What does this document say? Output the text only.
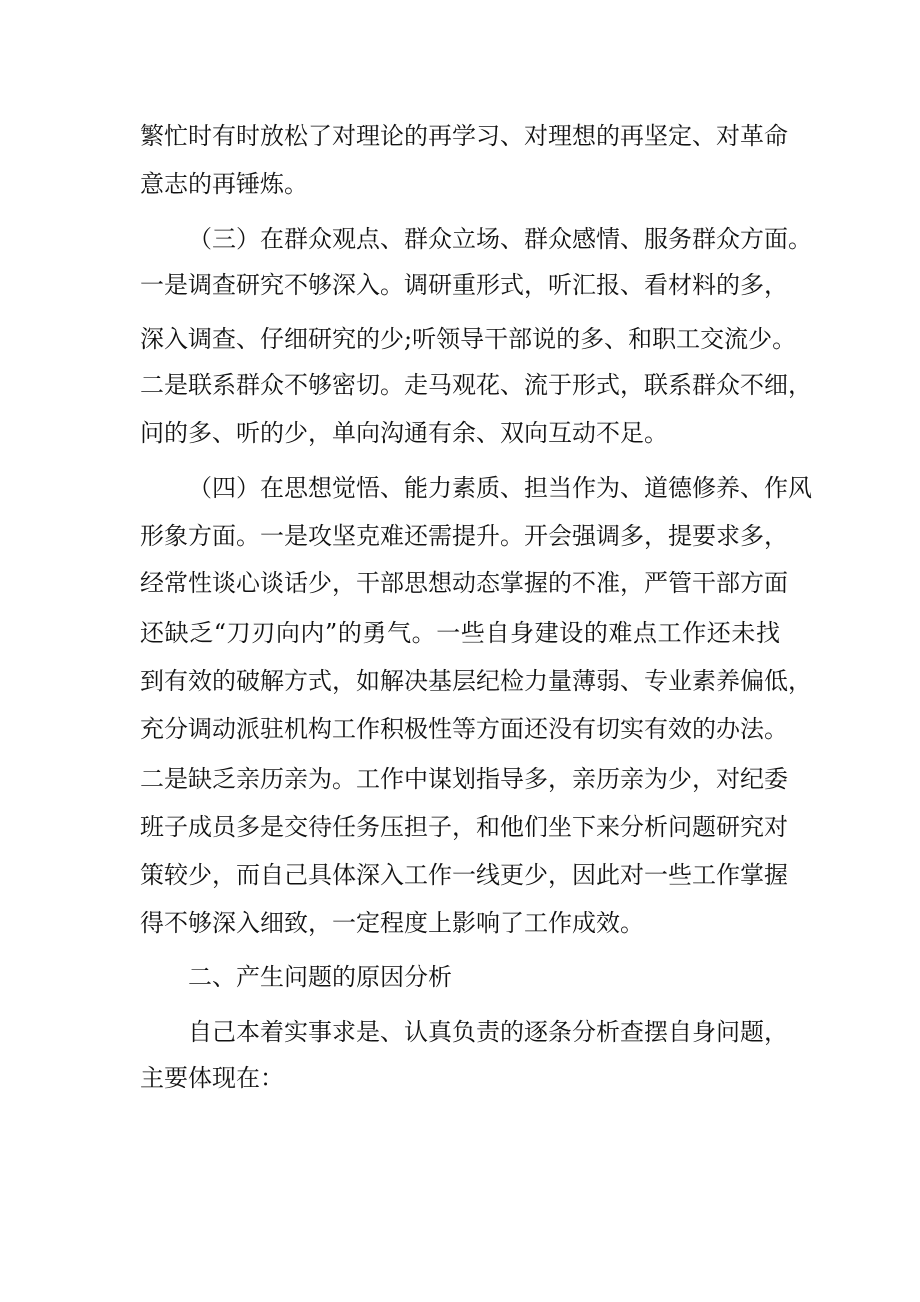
繁忙时有时放松了对理论的再学习、对理想的再坚定、对革命
意志的再锤炼。
（三）在群众观点、群众立场、群众感情、服务群众方面。
一是调查研究不够深入。调研重形式，听汇报、看材料的多，
深入调查、仔细研究的少;听领导干部说的多、和职工交流少。
二是联系群众不够密切。走马观花、流于形式，联系群众不细，
问的多、听的少，单向沟通有余、双向互动不足。
（四）在思想觉悟、能力素质、担当作为、道德修养、作风
形象方面。一是攻坚克难还需提升。开会强调多，提要求多，
经常性谈心谈话少，干部思想动态掌握的不准，严管干部方面
还缺乏“刀刃向内”的勇气。一些自身建设的难点工作还未找
到有效的破解方式，如解决基层纪检力量薄弱、专业素养偏低，
充分调动派驻机构工作积极性等方面还没有切实有效的办法。
二是缺乏亲历亲为。工作中谋划指导多，亲历亲为少，对纪委
班子成员多是交待任务压担子，和他们坐下来分析问题研究对
策较少，而自己具体深入工作一线更少，因此对一些工作掌握
得不够深入细致，一定程度上影响了工作成效。
二、产生问题的原因分析
自己本着实事求是、认真负责的逐条分析查摆自身问题，
主要体现在：
